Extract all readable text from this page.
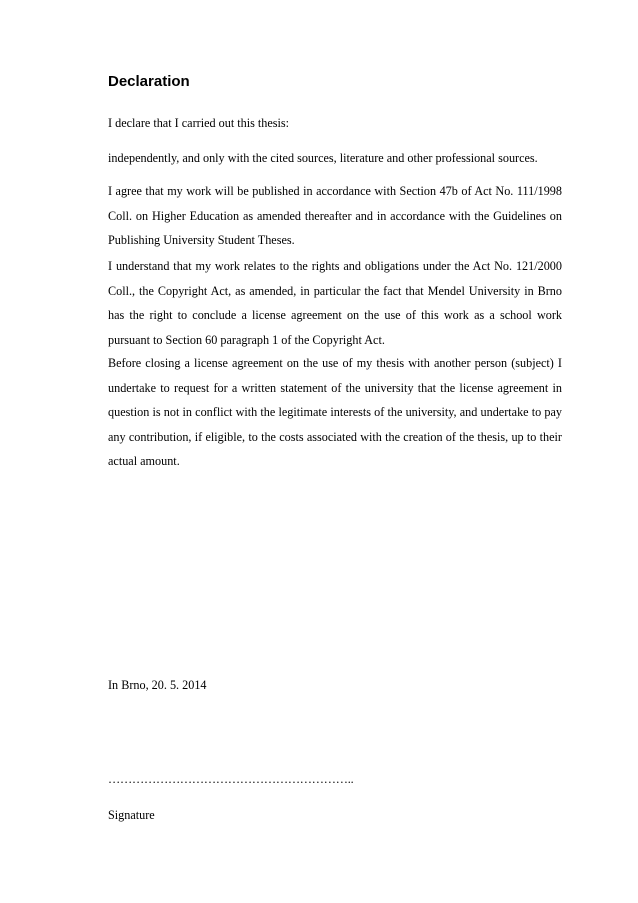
Declaration

I declare that I carried out this thesis:

independently, and only with the cited sources, literature and other professional sources.

I agree that my work will be published in accordance with Section 47b of Act No. 111/1998 Coll. on Higher Education as amended thereafter and in accordance with the Guidelines on Publishing University Student Theses.

I understand that my work relates to the rights and obligations under the Act No. 121/2000 Coll., the Copyright Act, as amended, in particular the fact that Mendel University in Brno has the right to conclude a license agreement on the use of this work as a school work pursuant to Section 60 paragraph 1 of the Copyright Act.

Before closing a license agreement on the use of my thesis with another person (subject) I undertake to request for a written statement of the university that the license agreement in question is not in conflict with the legitimate interests of the university, and undertake to pay any contribution, if eligible, to the costs associated with the creation of the thesis, up to their actual amount.

In Brno, 20. 5. 2014

……………………………………………………..

Signature
